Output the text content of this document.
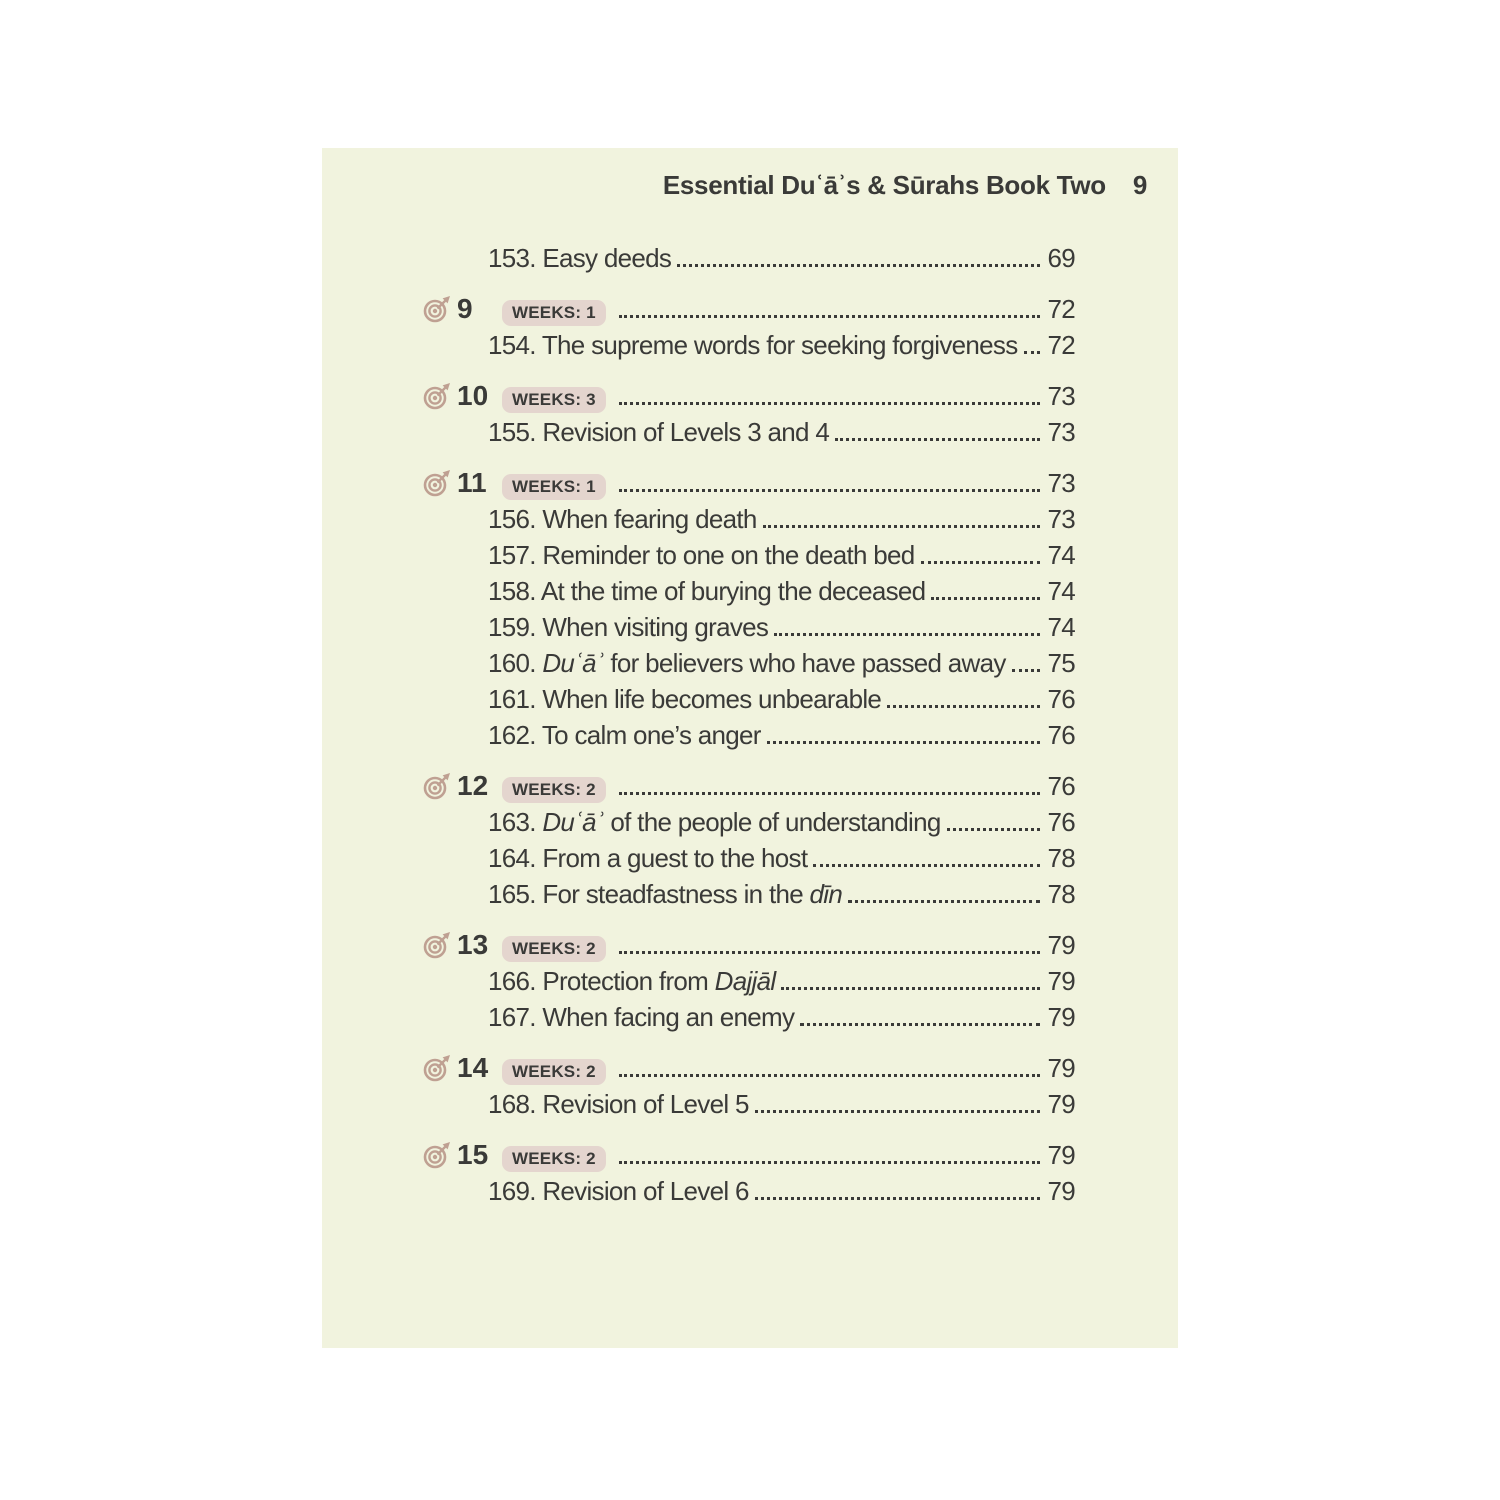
Essential Duʿāʾs & Sūrahs Book Two 9
153. Easy deeds	69
9	WEEKS: 1	72
154. The supreme words for seeking forgiveness 72
10	WEEKS: 3	73
155. Revision of Levels 3 and 4	73
11	WEEKS: 1	73
156. When fearing death	73
157. Reminder to one on the death bed	74
158. At the time of burying the deceased	74
159. When visiting graves	74
160. Duʿāʾ for believers who have passed away 75
161. When life becomes unbearable	76
162. To calm one’s anger	76
12	WEEKS: 2	76
163. Duʿāʾ of the people of understanding	76
164. From a guest to the host	78
165. For steadfastness in the dīn	78
13	WEEKS: 2	79
166. Protection from Dajjāl	79
167. When facing an enemy	79
14	WEEKS: 2	79
168. Revision of Level 5	79
15	WEEKS: 2	79
169. Revision of Level 6	79
